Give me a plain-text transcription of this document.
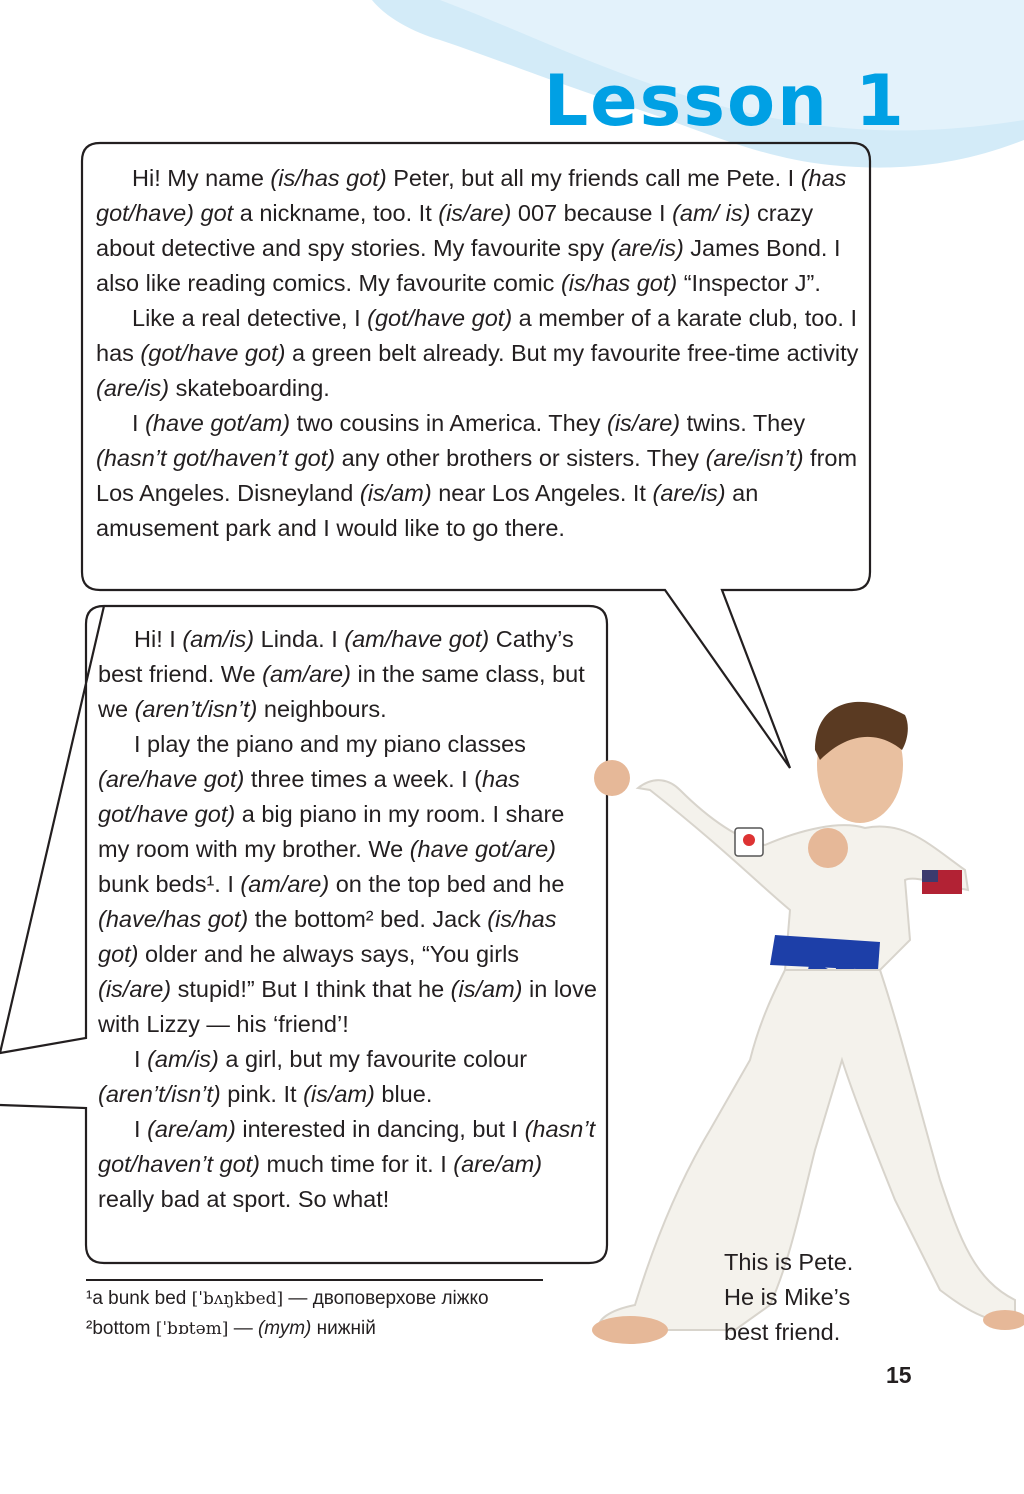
Lesson 1

Hi! My name (is/has got) Peter, but all my friends call me Pete. I (has got/have) got a nickname, too. It (is/are) 007 because I (am/ is) crazy about detective and spy stories. My favourite spy (are/is) James Bond. I also like reading comics. My favourite comic (is/has got) “Inspector J”.

Like a real detective, I (got/have got) a member of a karate club, too. I has (got/have got) a green belt already. But my favourite free-time activity (are/is) skateboarding.

I (have got/am) two cousins in America. They (is/are) twins. They (hasn’t got/haven’t got) any other brothers or sisters. They (are/isn’t) from Los Angeles. Disneyland (is/am) near Los Angeles. It (are/is) an amusement park and I would like to go there.

Hi! I (am/is) Linda. I (am/have got) Cathy’s best friend. We (am/are) in the same class, but we (aren’t/isn’t) neighbours.

I play the piano and my piano classes (are/have got) three times a week. I (has got/have got) a big piano in my room. I share my room with my brother. We (have got/are) bunk beds¹. I (am/are) on the top bed and he (have/has got) the bottom² bed. Jack (is/has got) older and he always says, “You girls (is/are) stupid!” But I think that he (is/am) in love with Lizzy — his ‘friend’!

I (am/is) a girl, but my favourite colour (aren’t/isn’t) pink. It (is/am) blue.

I (are/am) interested in dancing, but I (hasn’t got/haven’t got) much time for it. I (are/am) really bad at sport. So what!

¹a bunk bed [ˈbʌŋkbed] — двоповерхове ліжко
²bottom [ˈbɒtəm] — (тут) нижній
This is Pete.
He is Mike’s
best friend.
15
